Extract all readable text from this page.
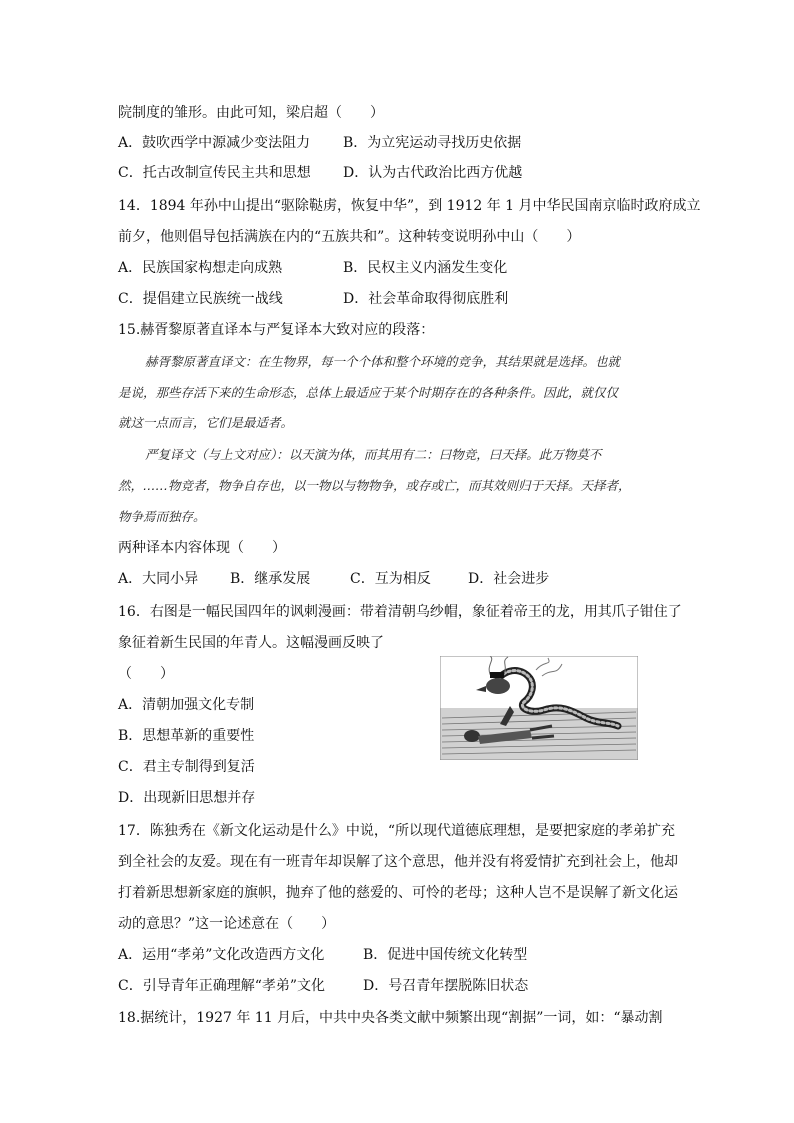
院制度的雏形。由此可知，梁启超（　　）
A．鼓吹西学中源减少变法阻力 B．为立宪运动寻找历史依据
C．托古改制宣传民主共和思想 D．认为古代政治比西方优越
14．1894 年孙中山提出“驱除鞑虏，恢复中华”，到 1912 年 1 月中华民国南京临时政府成立
前夕，他则倡导包括满族在内的“五族共和”。这种转变说明孙中山（　　）
A．民族国家构想走向成熟	B．民权主义内涵发生变化
C．提倡建立民族统一战线	D．社会革命取得彻底胜利
15.赫胥黎原著直译本与严复译本大致对应的段落：
赫胥黎原著直译文：在生物界，每一个个体和整个环境的竞争，其结果就是选择。也就
是说，那些存活下来的生命形态，总体上最适应于某个时期存在的各种条件。因此，就仅仅
就这一点而言，它们是最适者。
严复译文（与上文对应）：以天演为体，而其用有二：曰物竞，曰天择。此万物莫不
然，……物竞者，物争自存也，以一物以与物物争，或存或亡，而其效则归于天择。天择者，
物争焉而独存。
两种译本内容体现（　　）
A．大同小异 B．继承发展	C．互为相反	D．社会进步
16．右图是一幅民国四年的讽刺漫画：带着清朝乌纱帽，象征着帝王的龙，用其爪子钳住了
象征着新生民国的年青人。这幅漫画反映了
（　　）
A．清朝加强文化专制
B．思想革新的重要性
C．君主专制得到复活
D．出现新旧思想并存
17．陈独秀在《新文化运动是什么》中说，“所以现代道德底理想，是要把家庭的孝弟扩充
到全社会的友爱。现在有一班青年却误解了这个意思，他并没有将爱情扩充到社会上，他却
打着新思想新家庭的旗帜，抛弃了他的慈爱的、可怜的老母；这种人岂不是误解了新文化运
动的意思？”这一论述意在（　　）
A．运用“孝弟”文化改造西方文化	B．促进中国传统文化转型
C．引导青年正确理解“孝弟”文化	D．号召青年摆脱陈旧状态
18.据统计，1927 年 11 月后，中共中央各类文献中频繁出现“割据”一词，如：“暴动割
